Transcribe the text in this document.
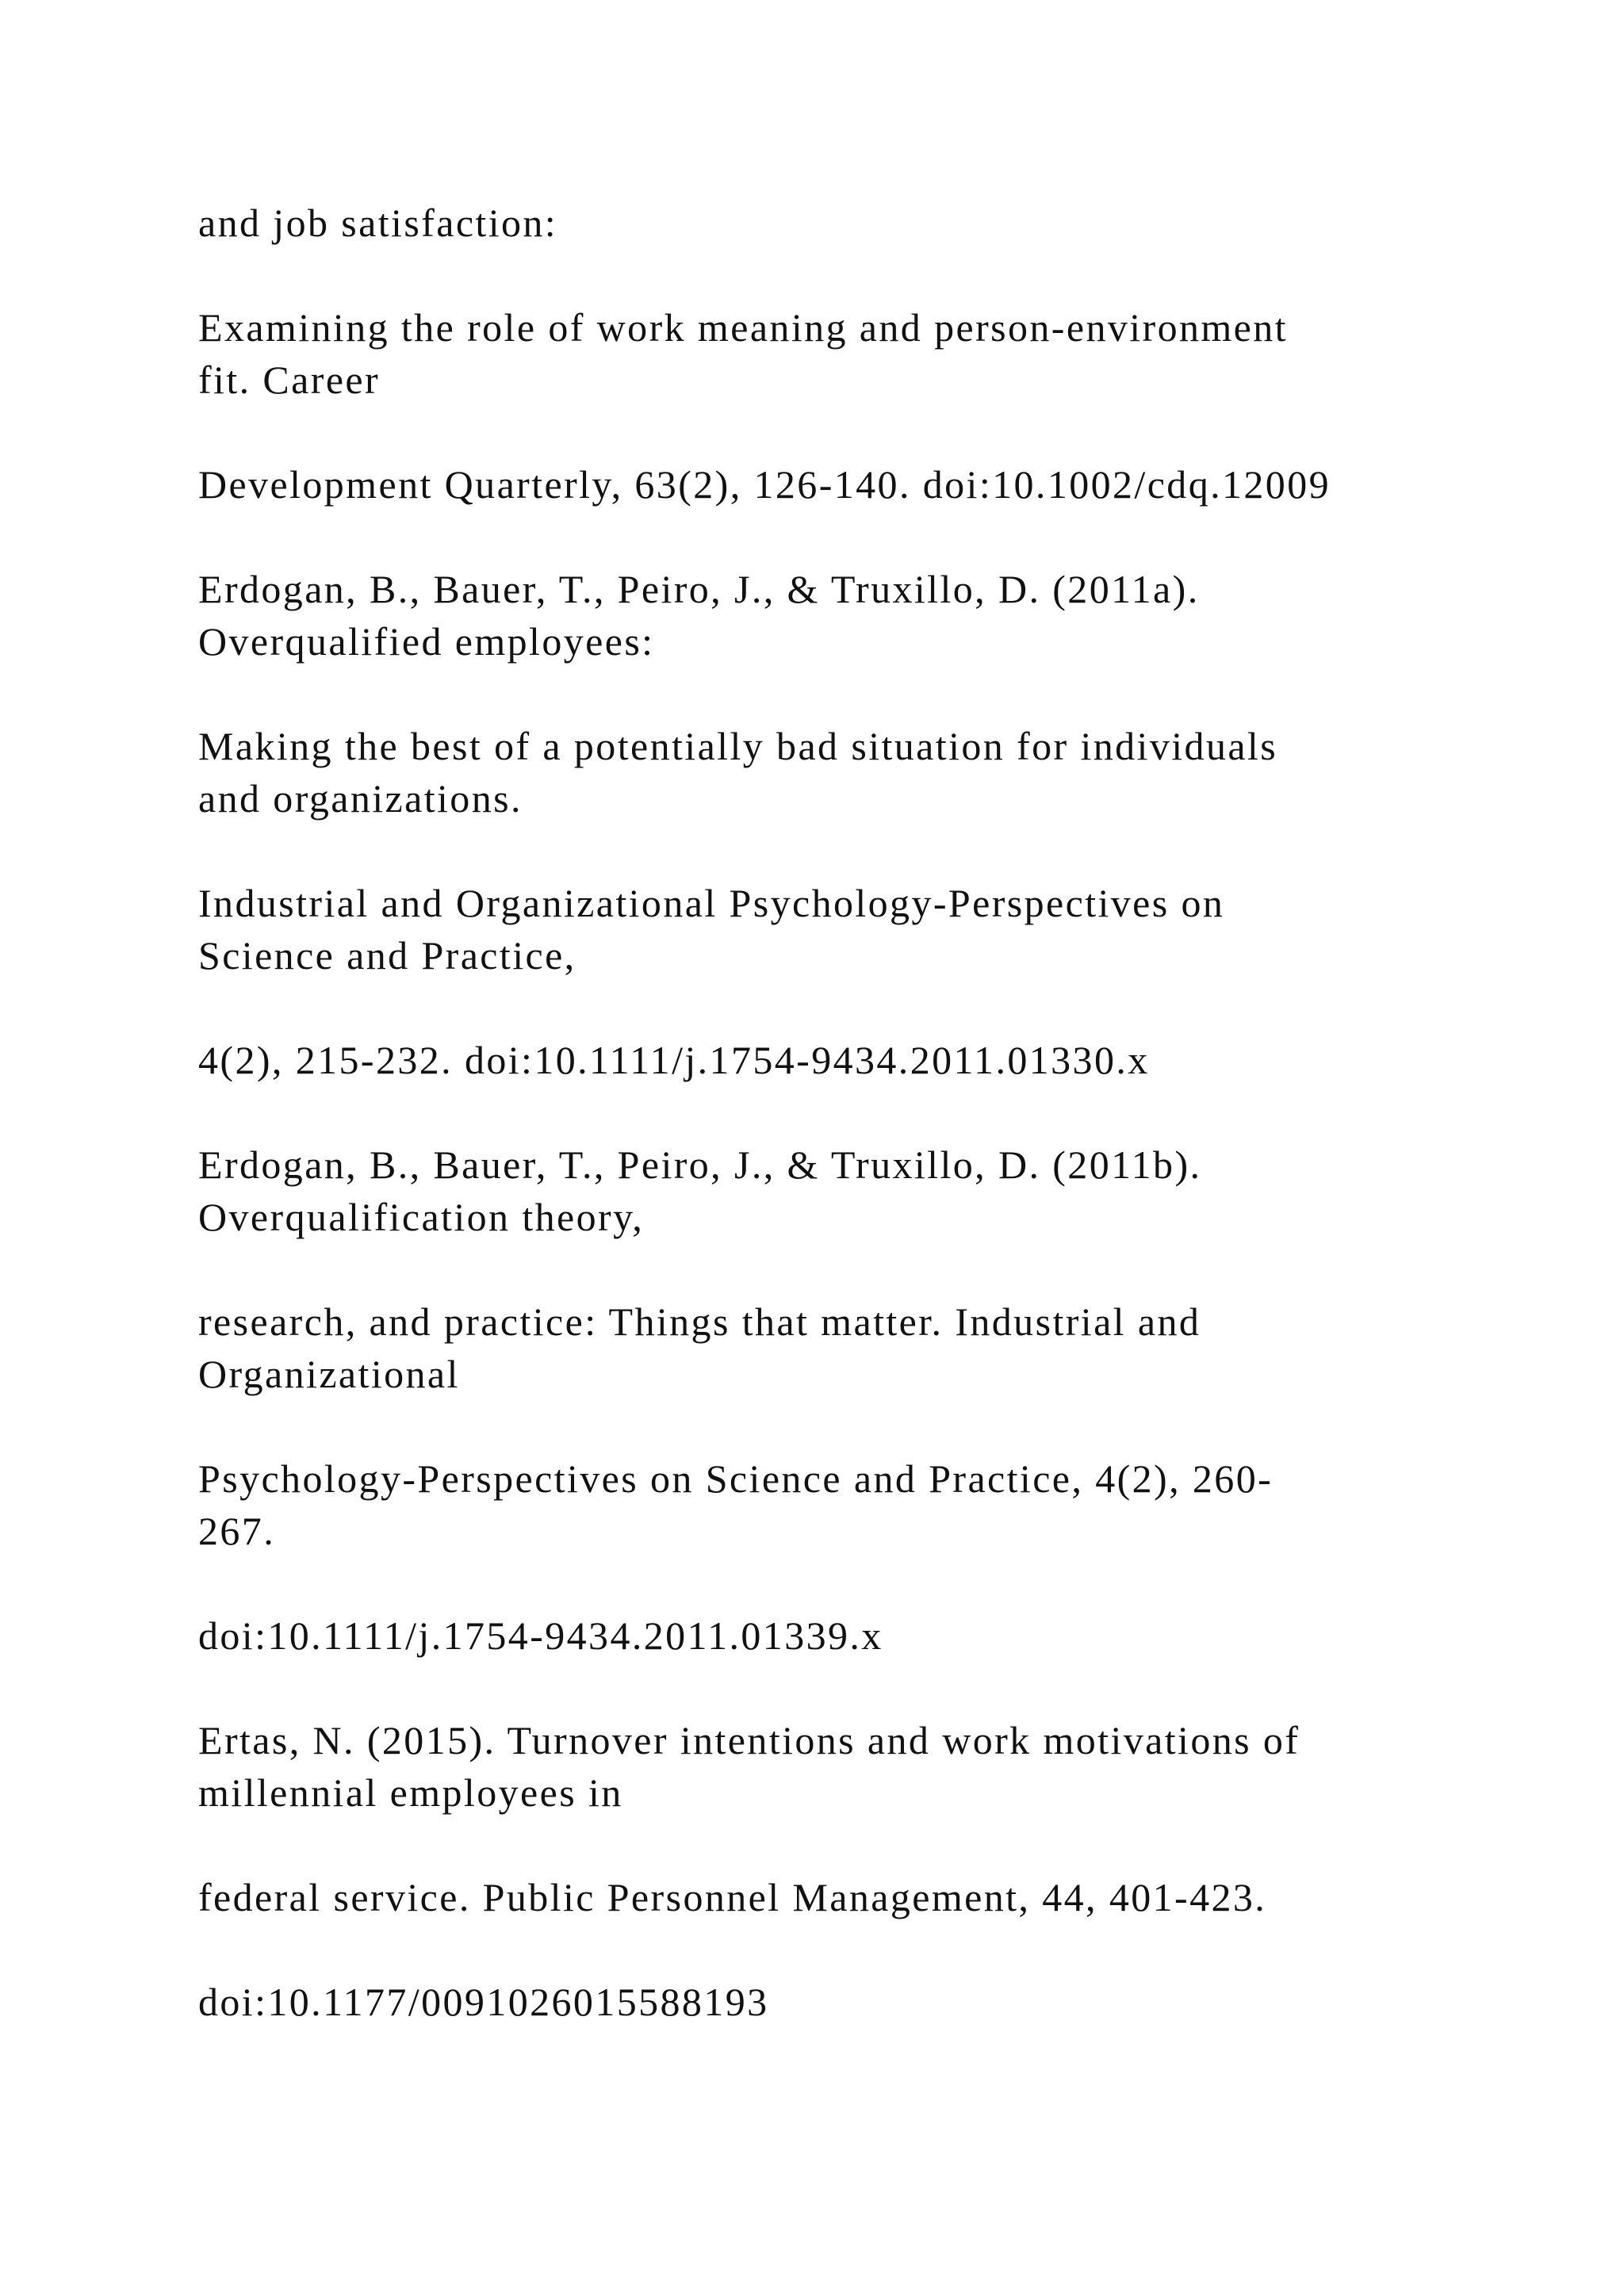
and job satisfaction:

Examining the role of work meaning and person-environment

fit. Career

Development Quarterly, 63(2), 126-140. doi:10.1002/cdq.12009

Erdogan, B., Bauer, T., Peiro, J., & Truxillo, D. (2011a).

Overqualified employees:

Making the best of a potentially bad situation for individuals

and organizations.

Industrial and Organizational Psychology-Perspectives on

Science and Practice,

4(2), 215-232. doi:10.1111/j.1754-9434.2011.01330.x

Erdogan, B., Bauer, T., Peiro, J., & Truxillo, D. (2011b).

Overqualification theory,

research, and practice: Things that matter. Industrial and

Organizational

Psychology-Perspectives on Science and Practice, 4(2), 260-

267.

doi:10.1111/j.1754-9434.2011.01339.x

Ertas, N. (2015). Turnover intentions and work motivations of

millennial employees in

federal service. Public Personnel Management, 44, 401-423.

doi:10.1177/0091026015588193
